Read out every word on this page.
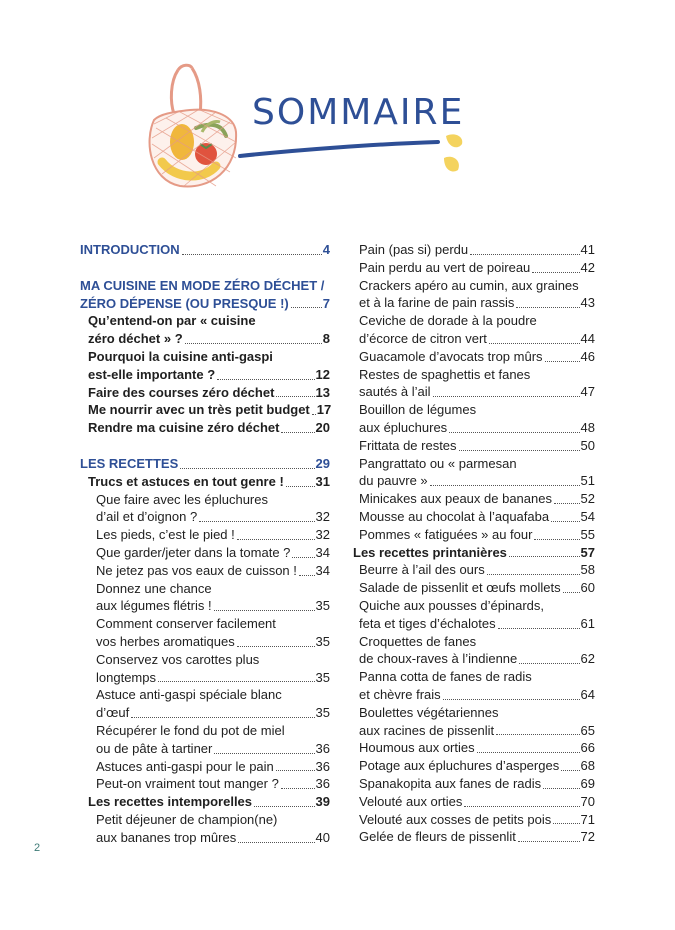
SOMMAIRE
INTRODUCTION	4
MA CUISINE EN MODE ZÉRO DÉCHET /
ZÉRO DÉPENSE (OU PRESQUE !)	7
Qu’entend-on par « cuisine
zéro déchet » ?	8
Pourquoi la cuisine anti-gaspi
est-elle importante ?	12
Faire des courses zéro déchet	13
Me nourrir avec un très petit budget 17
Rendre ma cuisine zéro déchet	20
LES RECETTES	29
Trucs et astuces en tout genre ! 31
Que faire avec les épluchures
d’ail et d’oignon ?	32
Les pieds, c’est le pied !	32
Que garder/jeter dans la tomate ? 34
Ne jetez pas vos eaux de cuisson ! 34
Donnez une chance
aux légumes flétris !	35
Comment conserver facilement
vos herbes aromatiques	35
Conservez vos carottes plus
longtemps	35
Astuce anti-gaspi spéciale blanc
d’œuf	35
Récupérer le fond du pot de miel
ou de pâte à tartiner	36
Astuces anti-gaspi pour le pain	36
Peut-on vraiment tout manger ?	36
Les recettes intemporelles	39
Petit déjeuner de champion(ne)
aux bananes trop mûres	40
Pain (pas si) perdu	41
Pain perdu au vert de poireau	42
Crackers apéro au cumin, aux graines
et à la farine de pain rassis	43
Ceviche de dorade à la poudre
d’écorce de citron vert	44
Guacamole d’avocats trop mûrs	46
Restes de spaghettis et fanes
sautés à l’ail	47
Bouillon de légumes
aux épluchures	48
Frittata de restes	50
Pangrattato ou « parmesan
du pauvre »	51
Minicakes aux peaux de bananes 52
Mousse au chocolat à l’aquafaba 54
Pommes « fatiguées » au four	55
Les recettes printanières	57
Beurre à l’ail des ours	58
Salade de pissenlit et œufs mollets 60
Quiche aux pousses d’épinards,
feta et tiges d’échalotes	61
Croquettes de fanes
de choux-raves à l’indienne	62
Panna cotta de fanes de radis
et chèvre frais	64
Boulettes végétariennes
aux racines de pissenlit	65
Houmous aux orties	66
Potage aux épluchures d’asperges 68
Spanakopita aux fanes de radis	69
Velouté aux orties	70
Velouté aux cosses de petits pois 71
Gelée de fleurs de pissenlit	72
2
